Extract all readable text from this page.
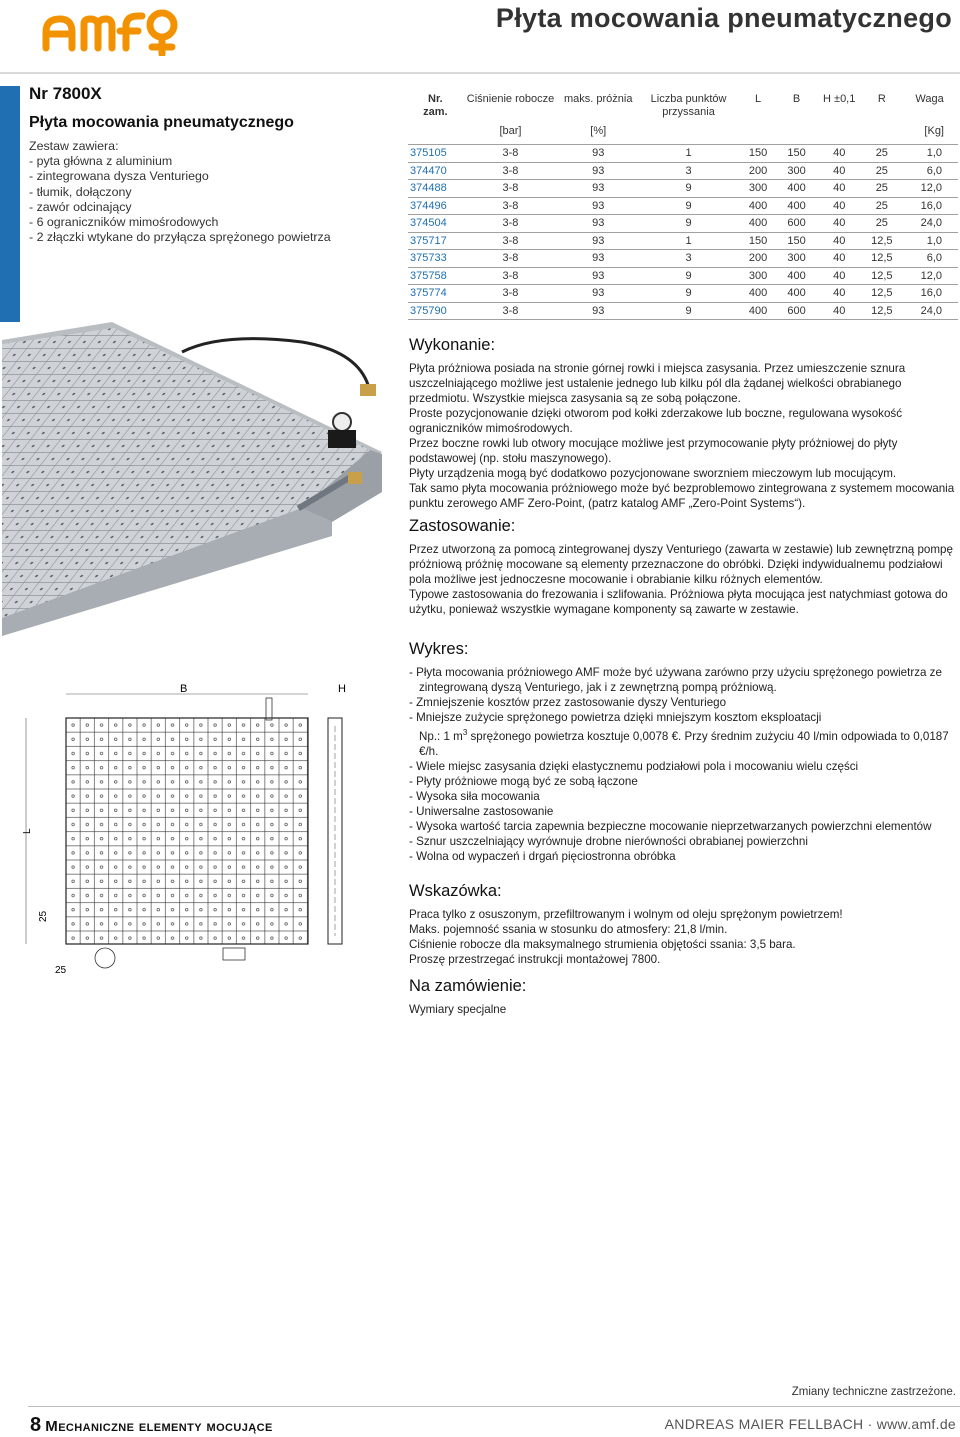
Płyta mocowania pneumatycznego
Nr 7800X
Płyta mocowania pneumatycznego
Zestaw zawiera:
- pyta główna z aluminium
- zintegrowana dysza Venturiego
- tłumik, dołączony
- zawór odcinający
- 6 ograniczników mimośrodowych
- 2 złączki wtykane do przyłącza sprężonego powietrza
Nr.
zam.	Ciśnienie robocze	maks. próżnia	Liczba punktów przyssania	L	B	H ±0,1	R	Waga
	[bar]	[%]						[Kg]
375105	3-8	93	1	150	150	40	25	1,0
374470	3-8	93	3	200	300	40	25	6,0
374488	3-8	93	9	300	400	40	25	12,0
374496	3-8	93	9	400	400	40	25	16,0
374504	3-8	93	9	400	600	40	25	24,0
375717	3-8	93	1	150	150	40	12,5	1,0
375733	3-8	93	3	200	300	40	12,5	6,0
375758	3-8	93	9	300	400	40	12,5	12,0
375774	3-8	93	9	400	400	40	12,5	16,0
375790	3-8	93	9	400	600	40	12,5	24,0
B	H
L
25
25
Wykonanie:

Płyta próżniowa posiada na stronie górnej rowki i miejsca zasysania. Przez umieszczenie sznura uszczelniającego możliwe jest ustalenie jednego lub kilku pól dla żądanej wielkości obrabianego przedmiotu. Wszystkie miejsca zasysania są ze sobą połączone.

Proste pozycjonowanie dzięki otworom pod kołki zderzakowe lub boczne, regulowana wysokość ograniczników mimośrodowych.

Przez boczne rowki lub otwory mocujące możliwe jest przymocowanie płyty próżniowej do płyty podstawowej (np. stołu maszynowego).

Płyty urządzenia mogą być dodatkowo pozycjonowane sworzniem mieczowym lub mocującym.

Tak samo płyta mocowania próżniowego może być bezproblemowo zintegrowana z systemem mocowania punktu zerowego AMF Zero-Point, (patrz katalog AMF „Zero-Point Systems“).

Zastosowanie:

Przez utworzoną za pomocą zintegrowanej dyszy Venturiego (zawarta w zestawie) lub zewnętrzną pompę próżniową próżnię mocowane są elementy przeznaczone do obróbki. Dzięki indywidualnemu podziałowi pola możliwe jest jednoczesne mocowanie i obrabianie kilku różnych elementów.

Typowe zastosowania do frezowania i szlifowania. Próżniowa płyta mocująca jest natychmiast gotowa do użytku, ponieważ wszystkie wymagane komponenty są zawarte w zestawie.

Wykres:
- Płyta mocowania próżniowego AMF może być używana zarówno przy użyciu sprężonego powietrza ze zintegrowaną dyszą Venturiego, jak i z zewnętrzną pompą próżniową.
- Zmniejszenie kosztów przez zastosowanie dyszy Venturiego
- Mniejsze zużycie sprężonego powietrza dzięki mniejszym kosztom eksploatacji
Np.: 1 $m^3$ sprężonego powietrza kosztuje 0,0078 €. Przy średnim zużyciu 40 l/min odpowiada to 0,0187 €/h.
- Wiele miejsc zasysania dzięki elastycznemu podziałowi pola i mocowaniu wielu części
- Płyty próżniowe mogą być ze sobą łączone
- Wysoka siła mocowania
- Uniwersalne zastosowanie
- Wysoka wartość tarcia zapewnia bezpieczne mocowanie nieprzetwarzanych powierzchni elementów
- Sznur uszczelniający wyrównuje drobne nierówności obrabianej powierzchni
- Wolna od wypaczeń i drgań pięciostronna obróbka
Wskazówka:

Praca tylko z osuszonym, przefiltrowanym i wolnym od oleju sprężonym powietrzem!

Maks. pojemność ssania w stosunku do atmosfery: 21,8 l/min.

Ciśnienie robocze dla maksymalnego strumienia objętości ssania: 3,5 bara.

Proszę przestrzegać instrukcji montażowej 7800.

Na zamówienie:

Wymiary specjalne

Zmiany techniczne zastrzeżone.
8 Mechaniczne elementy mocujące	ANDREAS MAIER FELLBACH · www.amf.de
